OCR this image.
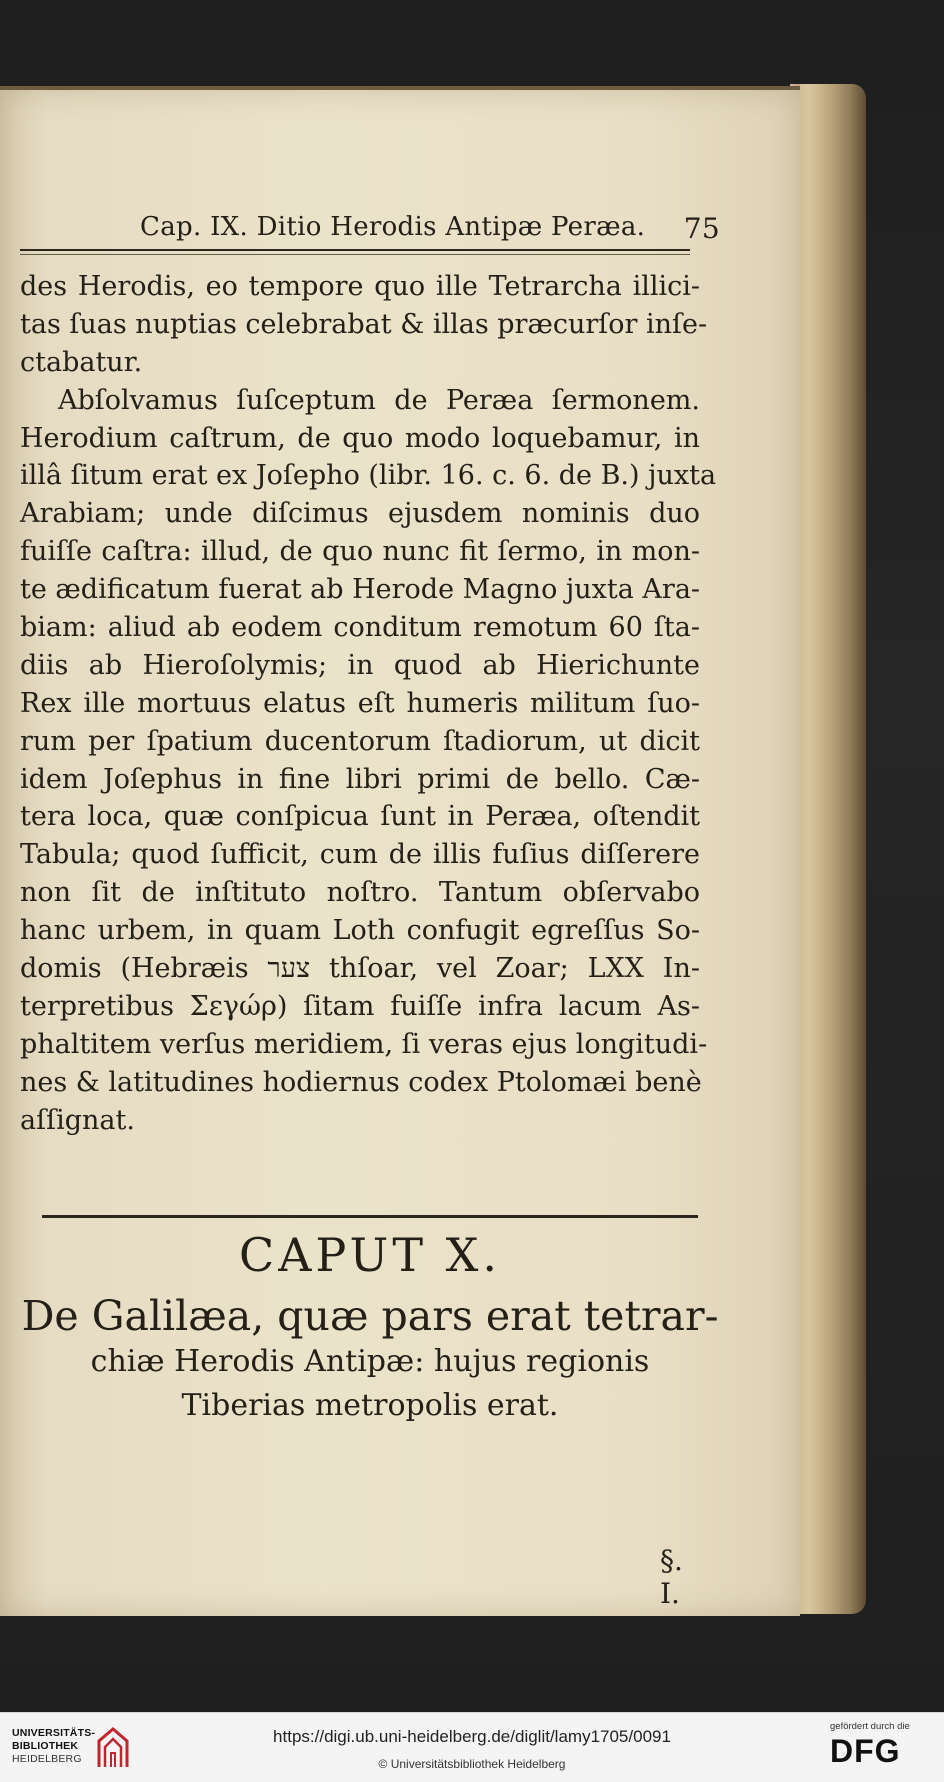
Cap. IX. Ditio Herodis Antipæ Peræa. 75
des Herodis, eo tempore quo ille Tetrarcha illici-
tas ſuas nuptias celebrabat & illas præcurſor inſe-
ctabatur.
Abſolvamus ſuſceptum de Peræa ſermonem.
Herodium caſtrum, de quo modo loquebamur, in
illâ ſitum erat ex Joſepho (libr. 16. c. 6. de B.) juxta
Arabiam; unde diſcimus ejusdem nominis duo
fuiſſe caſtra: illud, de quo nunc fit ſermo, in mon-
te ædificatum fuerat ab Herode Magno juxta Ara-
biam: aliud ab eodem conditum remotum 60 ſta-
diis ab Hieroſolymis; in quod ab Hierichunte
Rex ille mortuus elatus eſt humeris militum ſuo-
rum per ſpatium ducentorum ſtadiorum, ut dicit
idem Joſephus in fine libri primi de bello. Cæ-
tera loca, quæ conſpicua ſunt in Peræa, oſtendit
Tabula; quod ſufficit, cum de illis fuſius diſſerere
non ſit de inſtituto noſtro. Tantum obſervabo
hanc urbem, in quam Loth confugit egreſſus So-
domis (Hebræis צער thſoar, vel Zoar; LXX In-
terpretibus Σεγώρ) ſitam fuiſſe infra lacum As-
phaltitem verſus meridiem, ſi veras ejus longitudi-
nes & latitudines hodiernus codex Ptolomæi benè
aſſignat.
CAPUT X.
De Galilæa, quæ pars erat tetrar-
chiæ Herodis Antipæ: hujus regionis
Tiberias metropolis erat.
§. I.
UNIVERSITÄTS-
BIBLIOTHEK
HEIDELBERG
https://digi.ub.uni-heidelberg.de/diglit/lamy1705/0091
© Universitätsbibliothek Heidelberg
gefördert durch die
DFG
